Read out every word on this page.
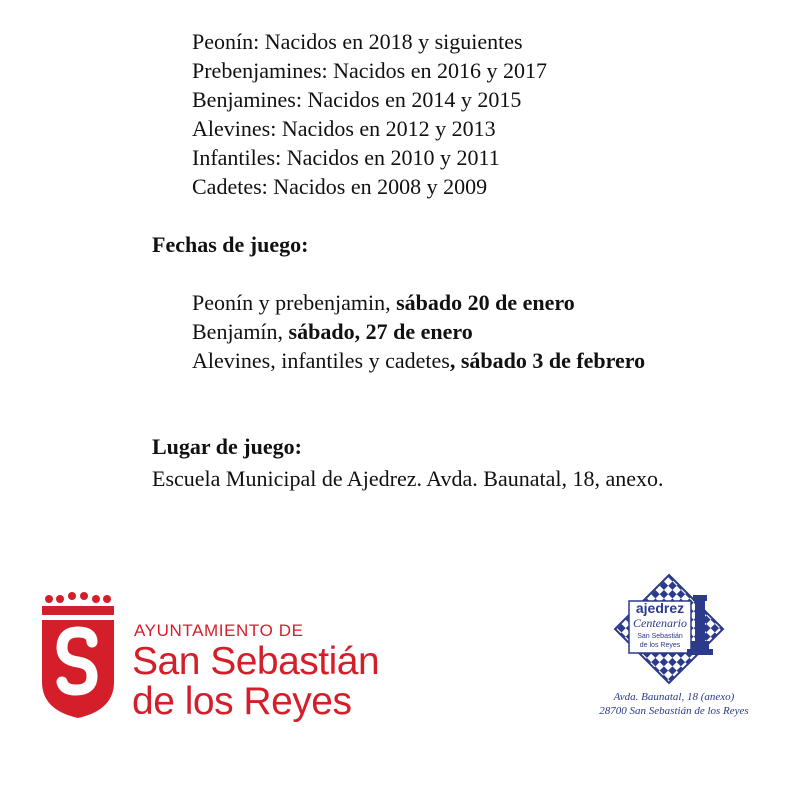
Peonín: Nacidos en 2018 y siguientes
Prebenjamines: Nacidos en 2016 y 2017
Benjamines: Nacidos en 2014 y 2015
Alevines: Nacidos en 2012 y 2013
Infantiles: Nacidos en 2010 y 2011
Cadetes: Nacidos en 2008 y 2009
Fechas de juego:
Peonín y prebenjamin, sábado 20 de enero
Benjamín, sábado, 27 de enero
Alevines, infantiles y cadetes, sábado 3 de febrero
Lugar de juego:
Escuela Municipal de Ajedrez. Avda. Baunatal, 18, anexo.
AYUNTAMIENTO DE
San Sebastián
de los Reyes
ajedrez
Centenario
San Sebastián
de los Reyes
Avda. Baunatal, 18 (anexo)
28700 San Sebastián de los Reyes
